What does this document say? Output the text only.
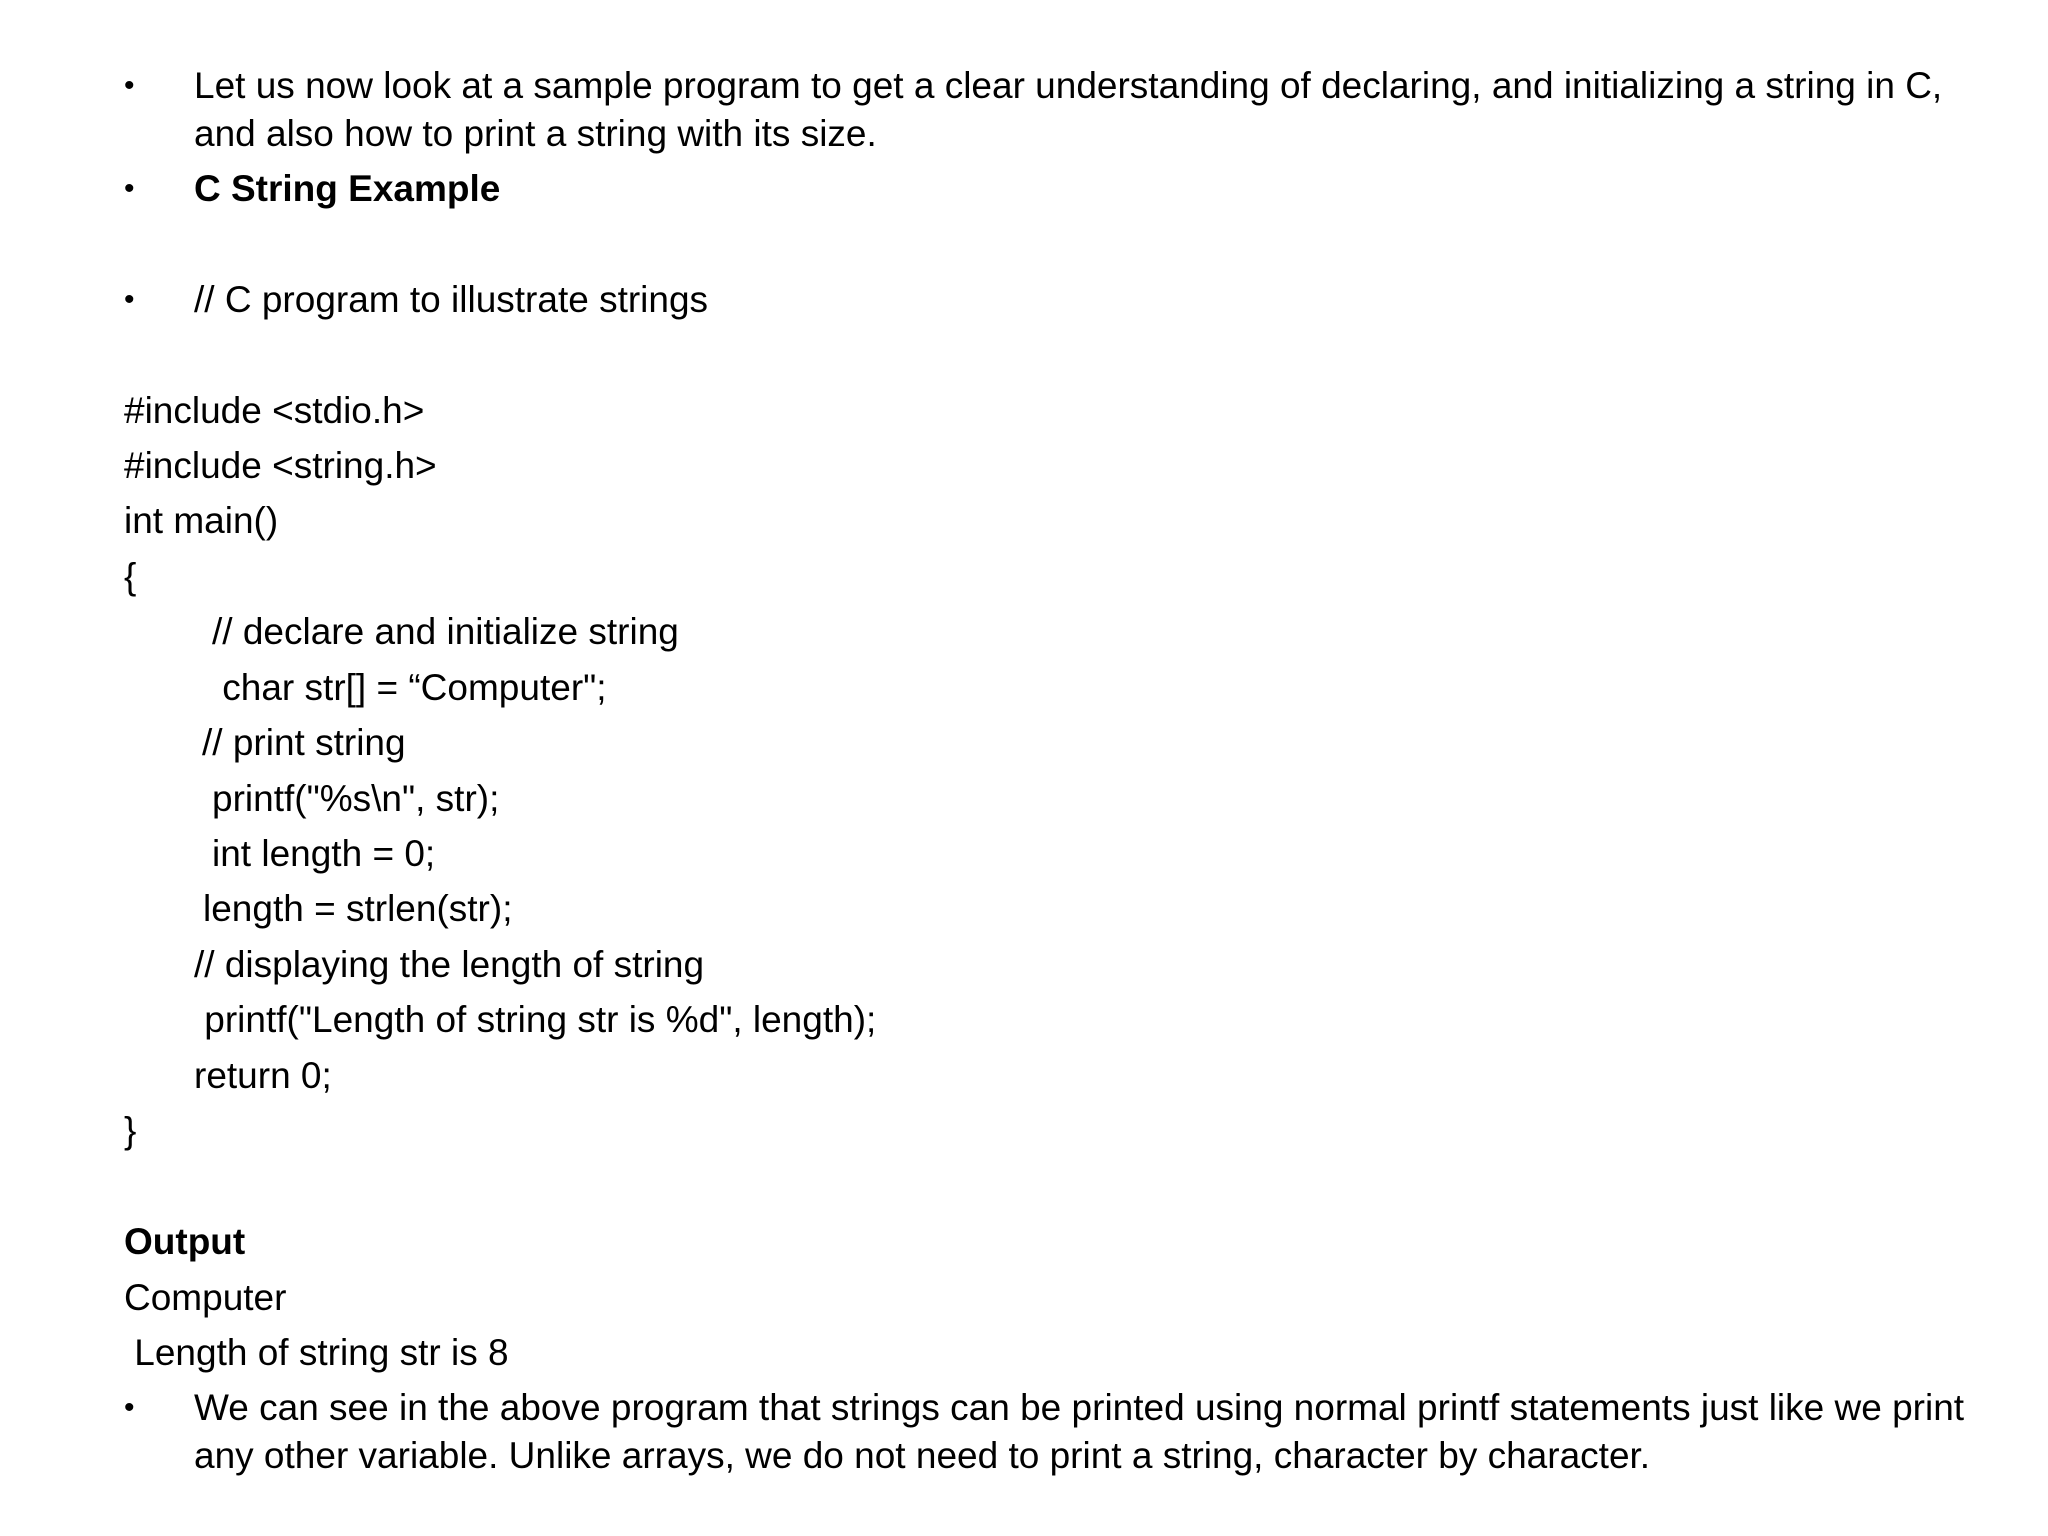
• Let us now look at a sample program to get a clear understanding of declaring, and initializing a string in C,
and also how to print a string with its size.
• C String Example
• // C program to illustrate strings
#include <stdio.h>
#include <string.h>
int main()
{
// declare and initialize string
char str[] = “Computer";
// print string
printf("%s\n", str);
int length = 0;
length = strlen(str);
// displaying the length of string
printf("Length of string str is %d", length);
return 0;
}
Output
Computer
Length of string str is 8
• We can see in the above program that strings can be printed using normal printf statements just like we print
any other variable. Unlike arrays, we do not need to print a string, character by character.
